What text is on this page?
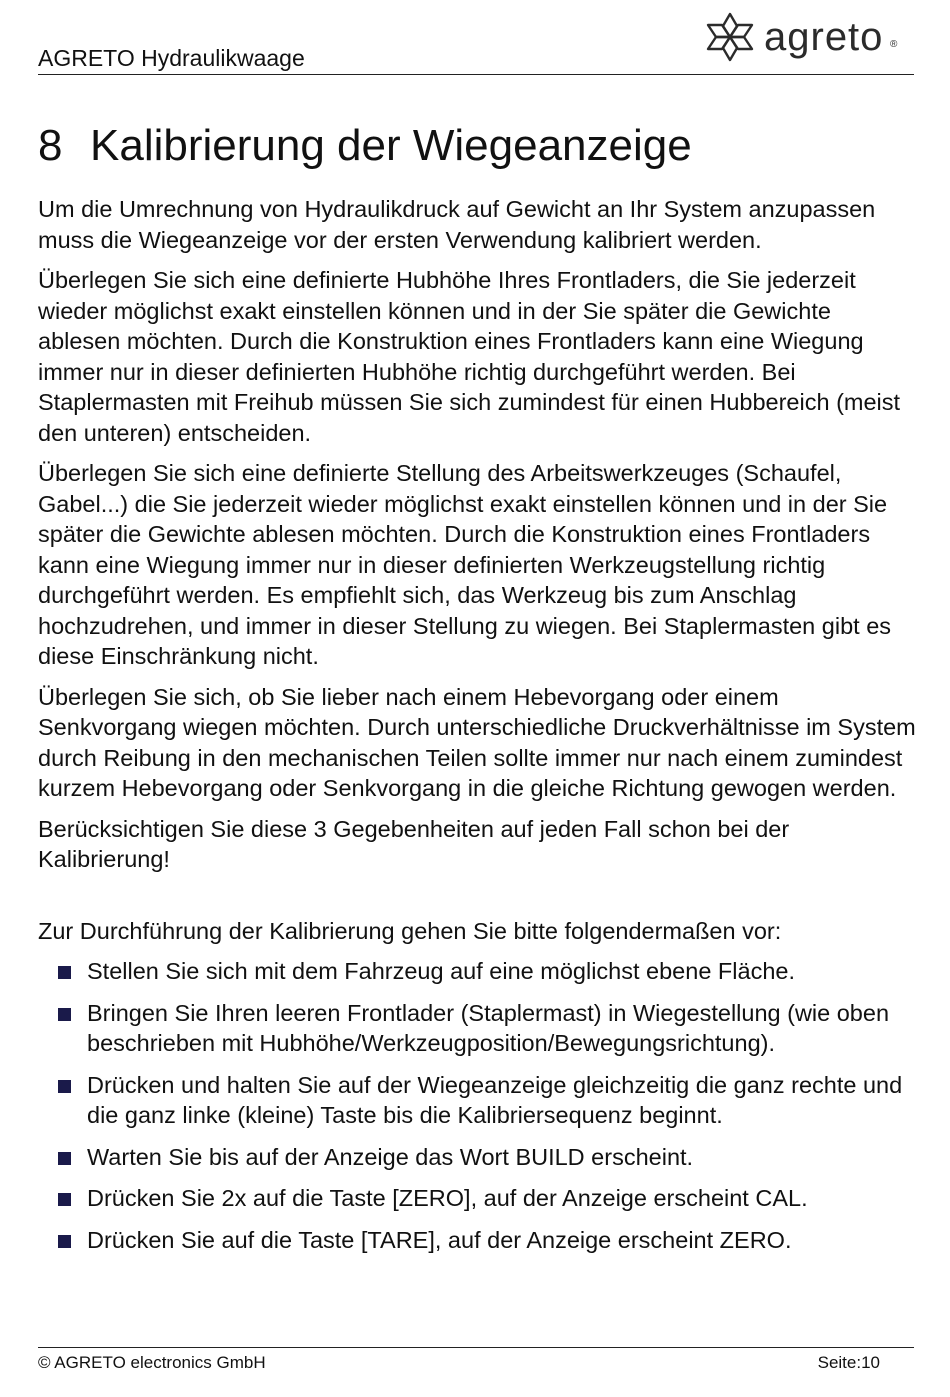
AGRETO Hydraulikwaage	agreto ®
8 Kalibrierung der Wiegeanzeige

Um die Umrechnung von Hydraulikdruck auf Gewicht an Ihr System anzupassen muss die Wiegeanzeige vor der ersten Verwendung kalibriert werden.

Überlegen Sie sich eine definierte Hubhöhe Ihres Frontladers, die Sie jederzeit wieder möglichst exakt einstellen können und in der Sie später die Gewichte ablesen möchten. Durch die Konstruktion eines Frontladers kann eine Wiegung immer nur in dieser definierten Hubhöhe richtig durchgeführt werden. Bei Staplermasten mit Freihub müssen Sie sich zumindest für einen Hubbereich (meist den unteren) entscheiden.

Überlegen Sie sich eine definierte Stellung des Arbeitswerkzeuges (Schaufel, Gabel...) die Sie jederzeit wieder möglichst exakt einstellen können und in der Sie später die Gewichte ablesen möchten. Durch die Konstruktion eines Frontladers kann eine Wiegung immer nur in dieser definierten Werkzeugstellung richtig durchgeführt werden. Es empfiehlt sich, das Werkzeug bis zum Anschlag hochzudrehen, und immer in dieser Stellung zu wiegen. Bei Staplermasten gibt es diese Einschränkung nicht.

Überlegen Sie sich, ob Sie lieber nach einem Hebevorgang oder einem Senkvorgang wiegen möchten. Durch unterschiedliche Druckverhältnisse im System durch Reibung in den mechanischen Teilen sollte immer nur nach einem zumindest kurzem Hebevorgang oder Senkvorgang in die gleiche Richtung gewogen werden.

Berücksichtigen Sie diese 3 Gegebenheiten auf jeden Fall schon bei der Kalibrierung!

Zur Durchführung der Kalibrierung gehen Sie bitte folgendermaßen vor:

Stellen Sie sich mit dem Fahrzeug auf eine möglichst ebene Fläche.
Bringen Sie Ihren leeren Frontlader (Staplermast) in Wiegestellung (wie oben beschrieben mit Hubhöhe/Werkzeugposition/Bewegungsrichtung).
Drücken und halten Sie auf der Wiegeanzeige gleichzeitig die ganz rechte und die ganz linke (kleine) Taste bis die Kalibriersequenz beginnt.
Warten Sie bis auf der Anzeige das Wort BUILD erscheint.
Drücken Sie 2x auf die Taste [ZERO], auf der Anzeige erscheint CAL.
Drücken Sie auf die Taste [TARE], auf der Anzeige erscheint ZERO.
© AGRETO electronics GmbH	Seite:10
